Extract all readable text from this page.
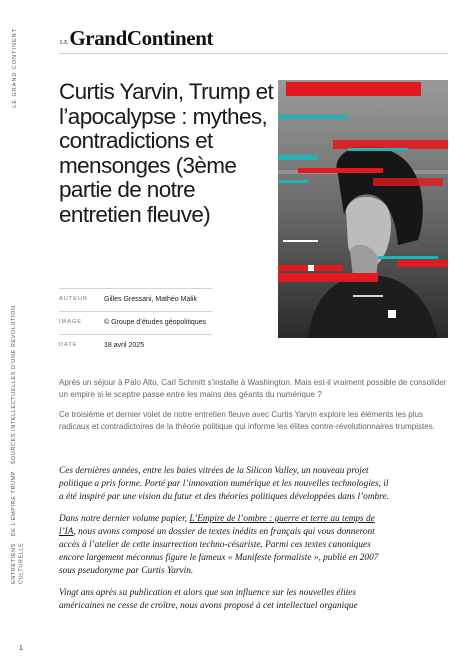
LE GRAND CONTINENT
ENTRETIENS · DE L'EMPIRE TRUMP · SOURCES INTELLECTUELLES D'UNE RÉVOLUTION CULTURELLE
1
LE GrandContinent
Curtis Yarvin, Trump et l’apocalypse : mythes, contradictions et mensonges (3ème partie de notre entretien fleuve)
AUTEUR	Gilles Gressani, Mathéo Malik
IMAGE	© Groupe d’études géopolitiques
DATE	18 avril 2025

Après un séjour à Palo Alto, Carl Schmitt s’installe à Washington. Mais est-il vraiment possible de consolider un empire si le sceptre passe entre les mains des géants du numérique ?

Ce troisième et dernier volet de notre entretien fleuve avec Curtis Yarvin explore les éléments les plus radicaux et contradictoires de la théorie politique qui informe les élites contre-révolutionnaires trumpistes.

Ces dernières années, entre les baies vitrées de la Silicon Valley, un nouveau projet politique a pris forme. Porté par l’innovation numérique et les nouvelles technologies, il a été inspiré par une vision du futur et des théories politiques développées dans l’ombre.

Dans notre dernier volume papier, L’Empire de l’ombre : guerre et terre au temps de l’IA, nous avons composé un dossier de textes inédits en français qui vous donneront accès à l’atelier de cette insurrection techno-césariste. Parmi ces textes canoniques encore largement méconnus figure le fameux « Manifeste formaliste », publié en 2007 sous pseudonyme par Curtis Yarvin.

Vingt ans après sa publication et alors que son influence sur les nouvelles élites américaines ne cesse de croître, nous avons proposé à cet intellectuel organique
